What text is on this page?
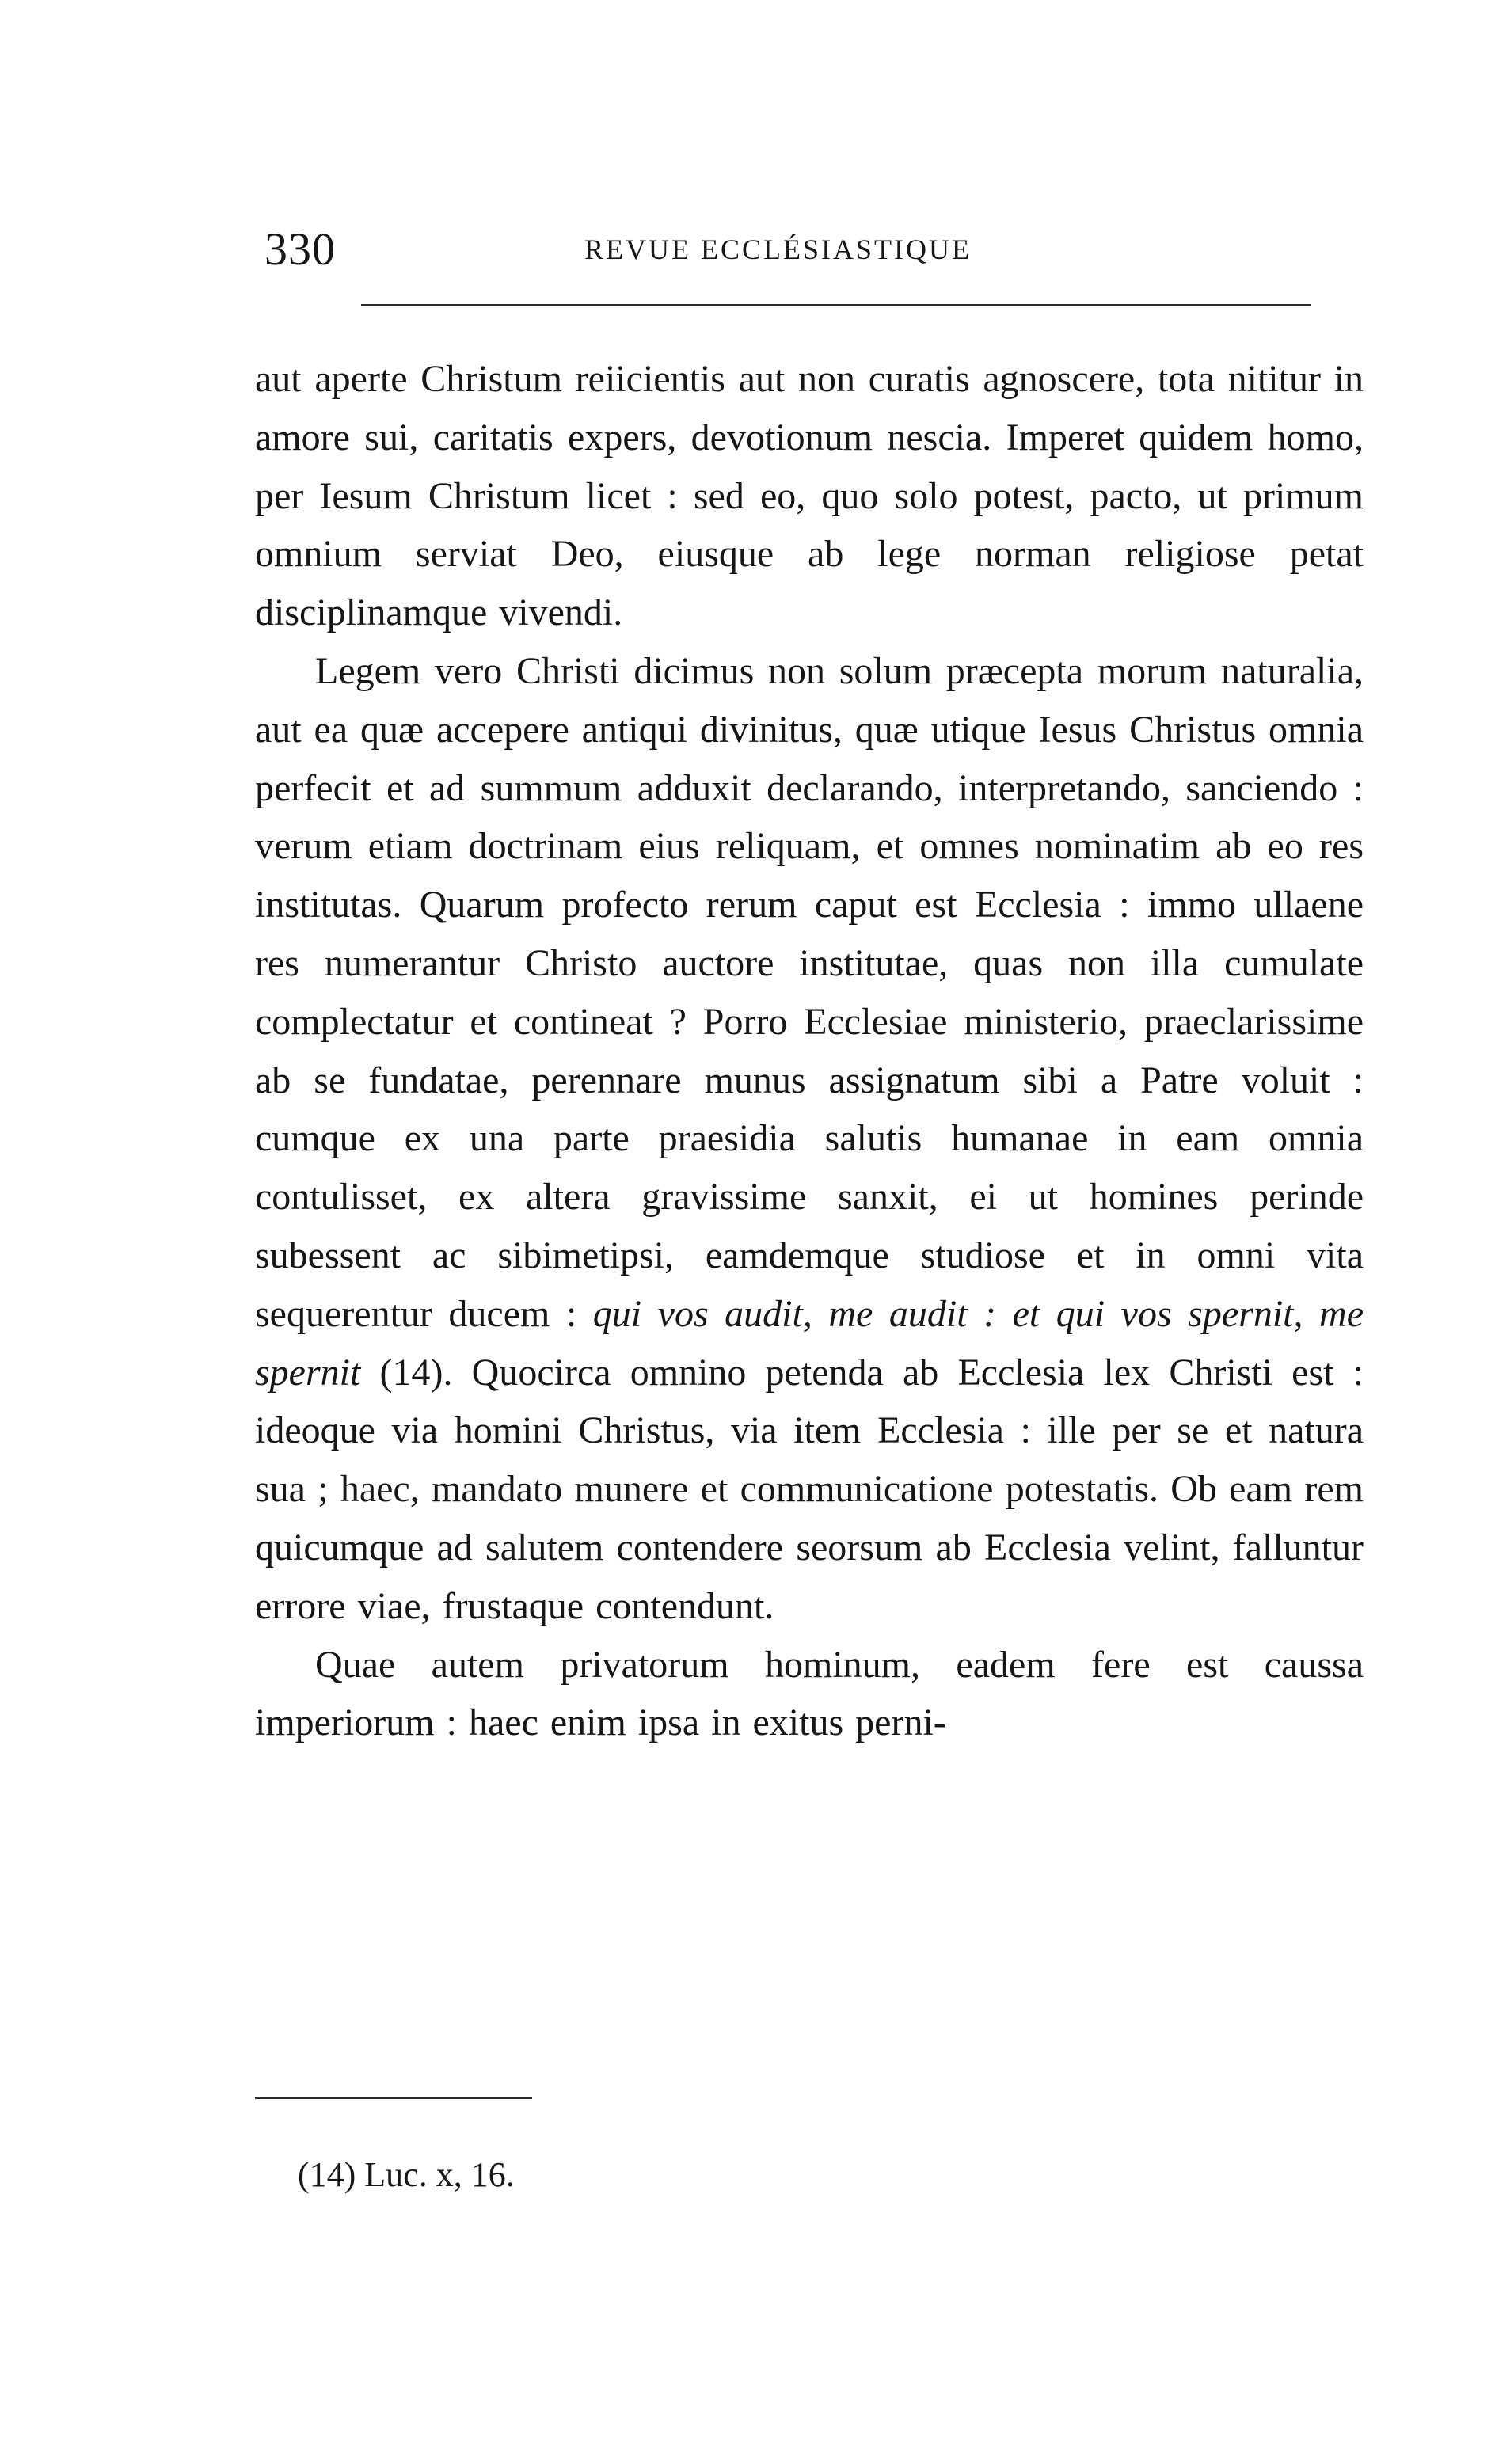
330	REVUE ECCLÉSIASTIQUE

aut aperte Christum reiicientis aut non curatis agnoscere, tota nititur in amore sui, caritatis expers, devotionum nescia. Imperet quidem homo, per Iesum Christum licet : sed eo, quo solo potest, pacto, ut primum omnium serviat Deo, eiusque ab lege norman religiose petat disciplinamque vivendi.

Legem vero Christi dicimus non solum præcepta morum naturalia, aut ea quæ accepere antiqui divinitus, quæ utique Iesus Christus omnia perfecit et ad summum adduxit declarando, interpretando, sanciendo : verum etiam doctrinam eius reliquam, et omnes nominatim ab eo res institutas. Quarum profecto rerum caput est Ecclesia : immo ullaene res numerantur Christo auctore institutae, quas non illa cumulate complectatur et contineat ? Porro Ecclesiae ministerio, praeclarissime ab se fundatae, perennare munus assignatum sibi a Patre voluit : cumque ex una parte praesidia salutis humanae in eam omnia contulisset, ex altera gravissime sanxit, ei ut homines perinde subessent ac sibimetipsi, eamdemque studiose et in omni vita sequerentur ducem : qui vos audit, me audit : et qui vos spernit, me spernit (14). Quocirca omnino petenda ab Ecclesia lex Christi est : ideoque via homini Christus, via item Ecclesia : ille per se et natura sua ; haec, mandato munere et communicatione potestatis. Ob eam rem quicumque ad salutem contendere seorsum ab Ecclesia velint, falluntur errore viae, frustaque contendunt.

Quae autem privatorum hominum, eadem fere est caussa imperiorum : haec enim ipsa in exitus perni-

(14) Luc. x, 16.
